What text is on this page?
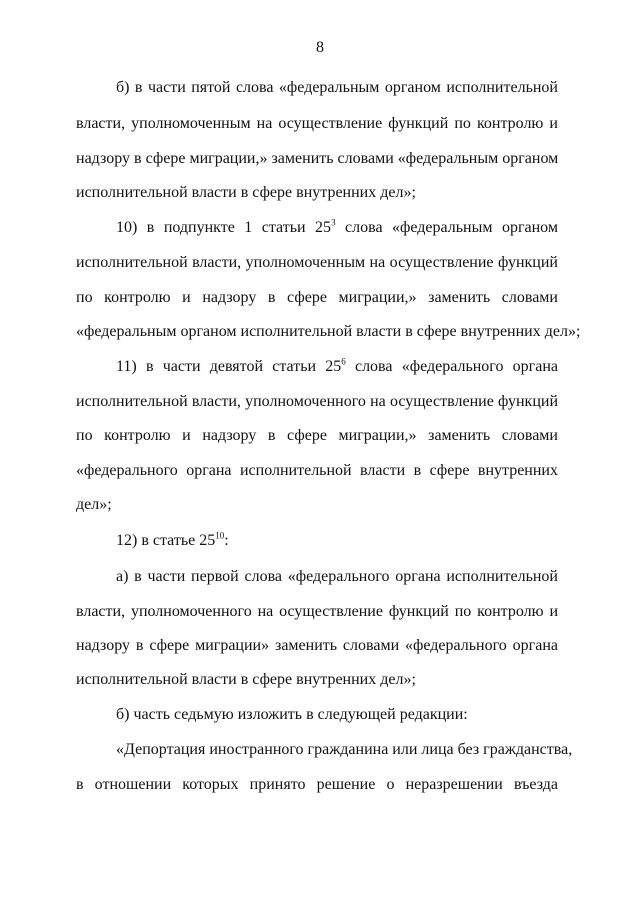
8
б) в части пятой слова «федеральным органом исполнительной
власти, уполномоченным на осуществление функций по контролю и
надзору в сфере миграции,» заменить словами «федеральным органом
исполнительной власти в сфере внутренних дел»;
10) в подпункте 1 статьи $25^3$ слова «федеральным органом
исполнительной власти, уполномоченным на осуществление функций
по контролю и надзору в сфере миграции,» заменить словами
«федеральным органом исполнительной власти в сфере внутренних дел»;
11) в части девятой статьи $25^6$ слова «федерального органа
исполнительной власти, уполномоченного на осуществление функций
по контролю и надзору в сфере миграции,» заменить словами
«федерального органа исполнительной власти в сфере внутренних
дел»;
12) в статье $25^{10}$:
а) в части первой слова «федерального органа исполнительной
власти, уполномоченного на осуществление функций по контролю и
надзору в сфере миграции» заменить словами «федерального органа
исполнительной власти в сфере внутренних дел»;
б) часть седьмую изложить в следующей редакции:
«Депортация иностранного гражданина или лица без гражданства,
в отношении которых принято решение о неразрешении въезда
